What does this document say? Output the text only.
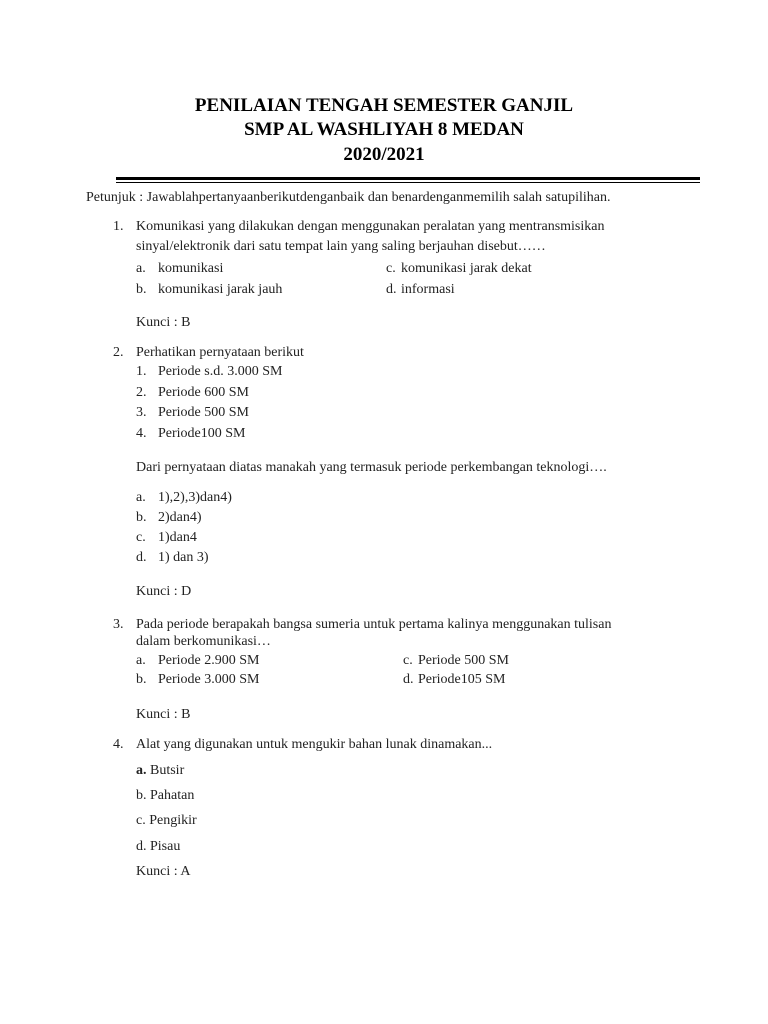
PENILAIAN TENGAH SEMESTER GANJIL
SMP AL WASHLIYAH 8 MEDAN
2020/2021
Petunjuk : Jawablahpertanyaanberikutdenganbaik dan benardenganmemilih salah satupilihan.
1. Komunikasi yang dilakukan dengan menggunakan peralatan yang mentransmisikan
sinyal/elektronik dari satu tempat lain yang saling berjauhan disebut……
a. komunikasi	c. komunikasi jarak dekat
b. komunikasi jarak jauh	d. informasi
Kunci : B
2. Perhatikan pernyataan berikut
1. Periode s.d. 3.000 SM
2. Periode 600 SM
3. Periode 500 SM
4. Periode100 SM
Dari pernyataan diatas manakah yang termasuk periode perkembangan teknologi….
a. 1),2),3)dan4)
b. 2)dan4)
c. 1)dan4
d. 1) dan 3)
Kunci : D
3. Pada periode berapakah bangsa sumeria untuk pertama kalinya menggunakan tulisan
dalam berkomunikasi…
a. Periode 2.900 SM	c. Periode 500 SM
b. Periode 3.000 SM	d. Periode105 SM
Kunci : B
4. Alat yang digunakan untuk mengukir bahan lunak dinamakan...
a. Butsir
b. Pahatan
c. Pengikir
d. Pisau
Kunci : A
